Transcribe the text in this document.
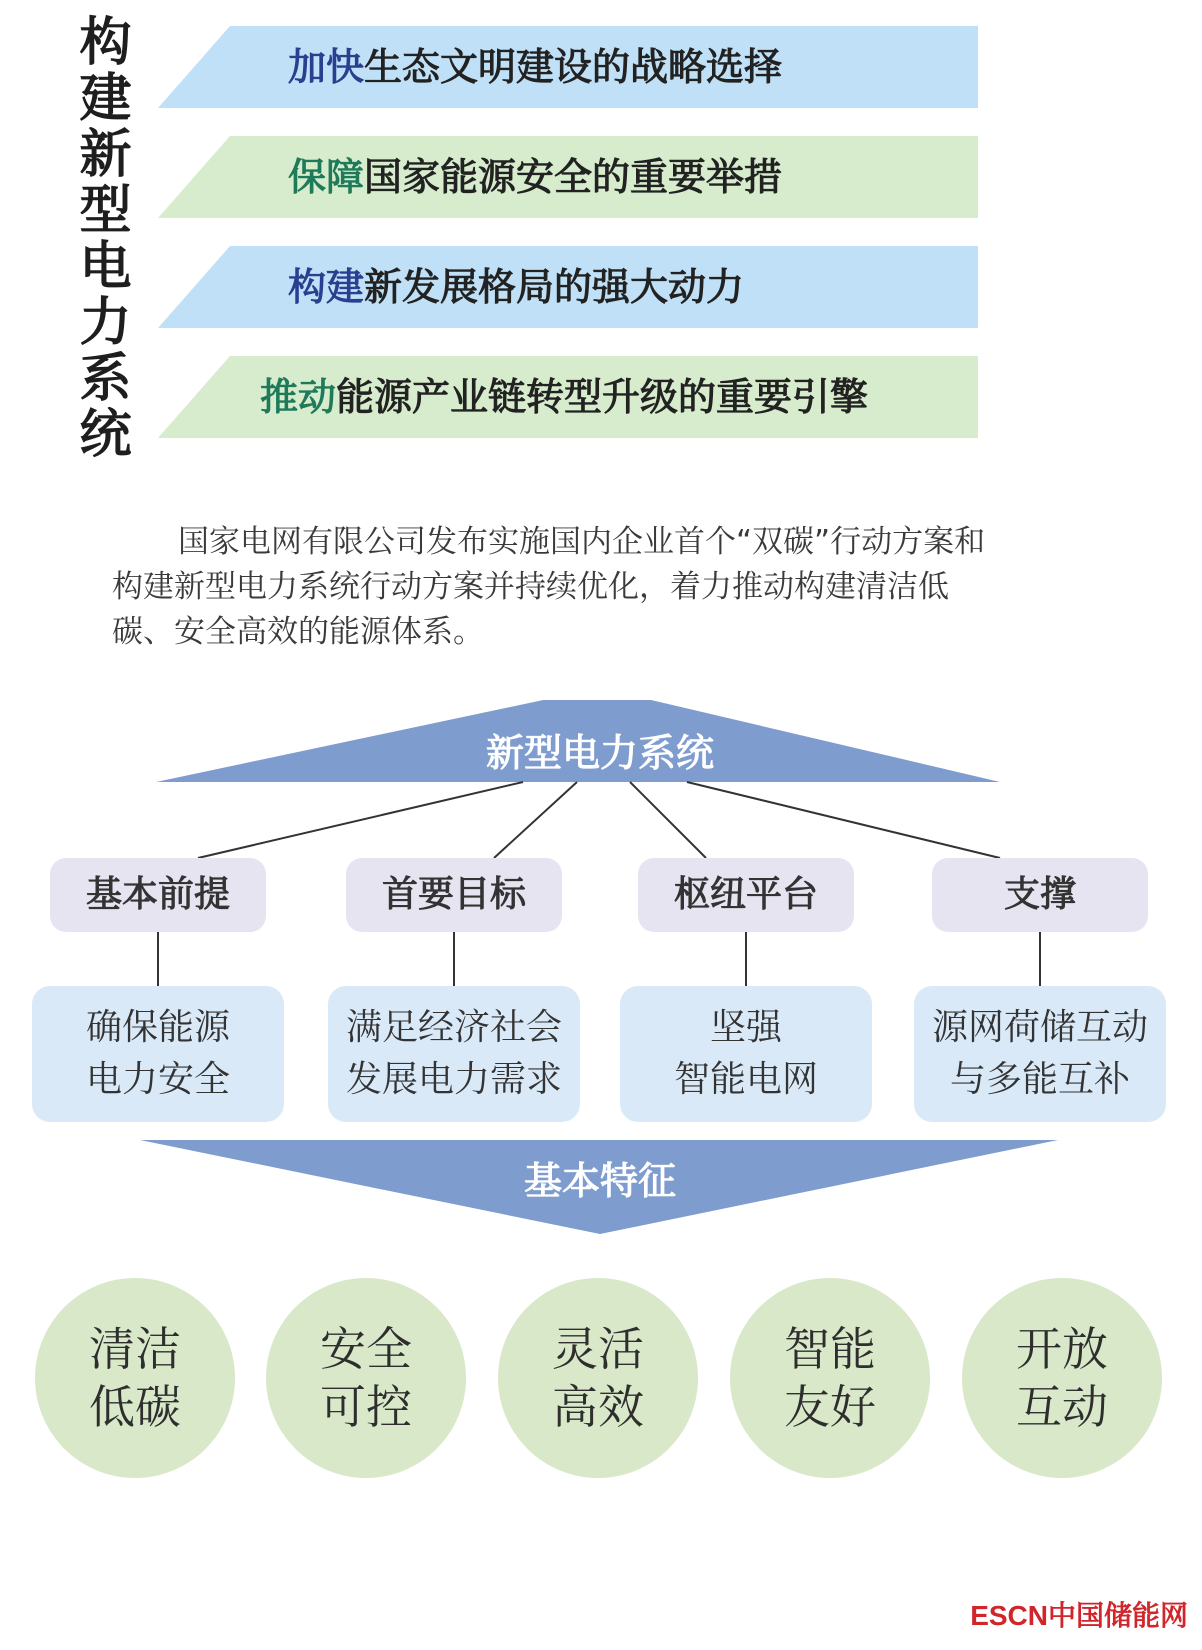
构建新型电力系统	加快生态文明建设的战略选择
保障国家能源安全的重要举措
构建新发展格局的强大动力
推动能源产业链转型升级的重要引擎
国家电网有限公司发布实施国内企业首个“双碳”行动方案和构建新型电力系统行动方案并持续优化，着力推动构建清洁低碳、安全高效的能源体系。
新型电力系统
基本特征
基本前提	首要目标	枢纽平台	支撑
确保能源
电力安全
满足经济社会
发展电力需求
坚强
智能电网
源网荷储互动
与多能互补
清洁
低碳
安全
可控
灵活
高效
智能
友好
开放
互动
ESCN中国储能网
